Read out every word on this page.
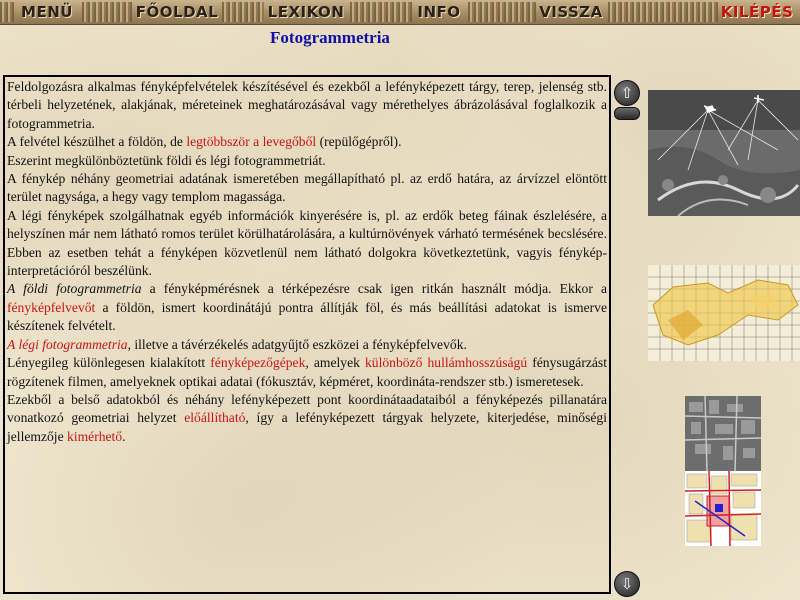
MENÜ	FŐOLDAL	LEXIKON	INFO	VISSZA	KILÉPÉS
Fotogrammetria

Feldolgozásra alkalmas fényképfelvételek készítésével és ezekből a lefényképezett tárgy, terep, jelenség stb. térbeli helyzetének, alakjának, méreteinek meghatározásával vagy mérethelyes ábrázolásával foglalkozik a fotogrammetria.

A felvétel készülhet a földön, de legtöbbször a levegőből (repülőgépről).

Eszerint megkülönböztetünk földi és légi fotogrammetriát.

A fénykép néhány geometriai adatának ismeretében megállapítható pl. az erdő határa, az árvízzel elöntött terület nagysága, a hegy vagy templom magassága.

A légi fényképek szolgálhatnak egyéb információk kinyerésére is, pl. az erdők beteg fáinak észlelésére, a helyszínen már nem látható romos terület körülhatárolására, a kultúrnövények várható termésének becslésére. Ebben az esetben tehát a fényképen közvetlenül nem látható dolgokra következtetünk, vagyis fénykép-interpretációról beszélünk.

A földi fotogrammetria a fényképmérésnek a térképezésre csak igen ritkán használt módja. Ekkor a fényképfelvevőt a földön, ismert koordinátájú pontra állítják föl, és más beállítási adatokat is ismerve készítenek felvételt.

A légi fotogrammetria, illetve a távérzékelés adatgyűjtő eszközei a fényképfelvevők.

Lényegileg különlegesen kialakított fényképezőgépek, amelyek különböző hullámhosszúságú fénysugárzást rögzítenek filmen, amelyeknek optikai adatai (fókusztáv, képméret, koordináta-rendszer stb.) ismeretesek.

Ezekből a belső adatokból és néhány lefényképezett pont koordinátaadataiból a fényképezés pillanatára vonatkozó geometriai helyzet előállítható, így a lefényképezett tárgyak helyzete, kiterjedése, minőségi jellemzője kimérhető.

⇧
⇩
